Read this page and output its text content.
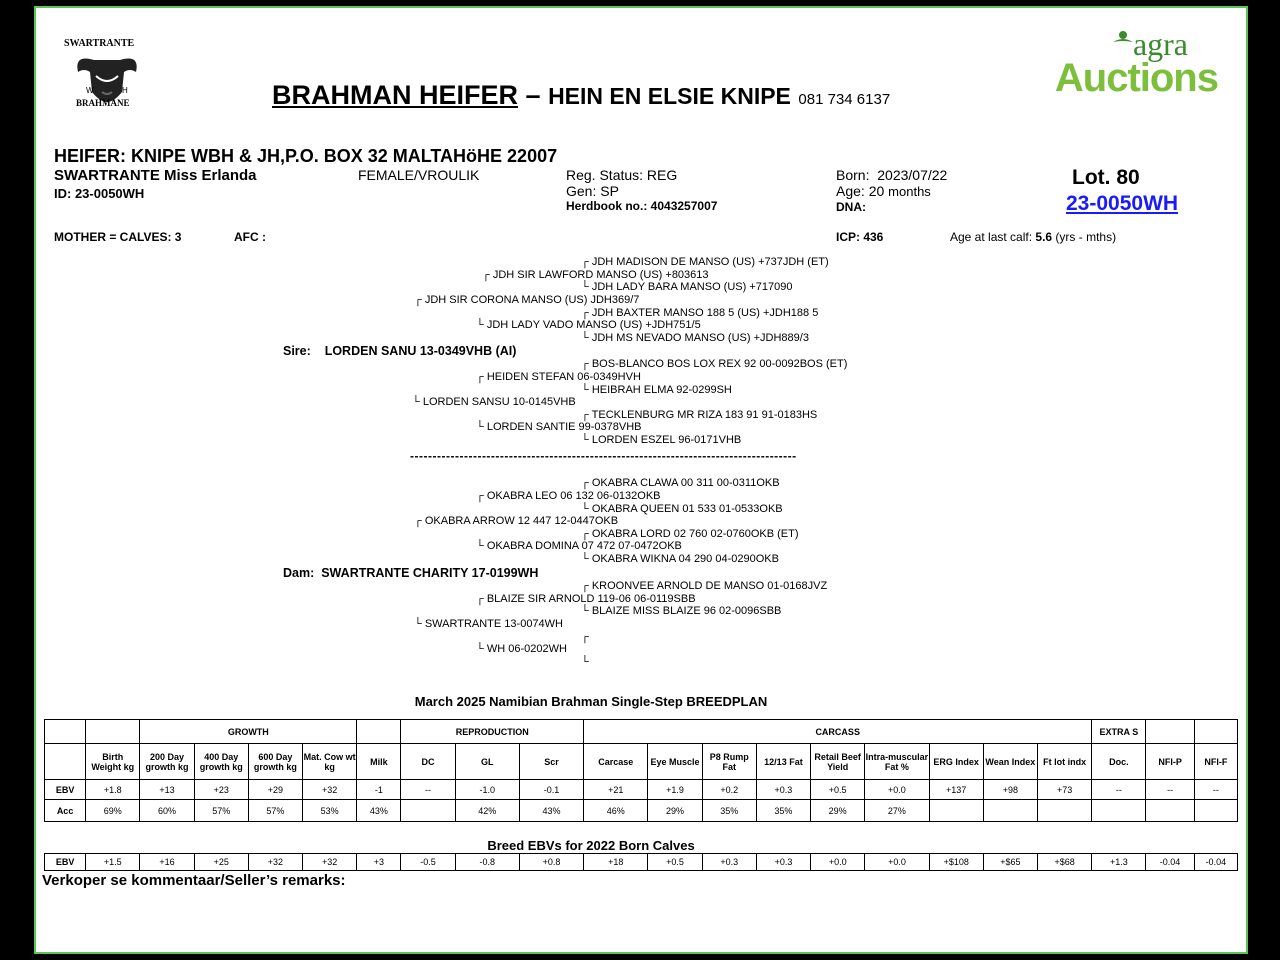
SWARTRANTE
W	H
BRAHMANE
agra
Auctions
BRAHMAN HEIFER – HEIN EN ELSIE KNIPE 081 734 6137
HEIFER: KNIPE WBH & JH,P.O. BOX 32 MALTAHöHE 22007
SWARTRANTE Miss Erlanda
ID: 23-0050WH
FEMALE/VROULIK	Reg. Status: REG
Gen: SP
Herdbook no.: 4043257007
Born: 2023/07/22
Age: 20 months
DNA:
Lot. 80
23-0050WH
MOTHER = CALVES: 3	AFC :	ICP: 436	Age at last calf: 5.6 (yrs - mths)
┌ JDH MADISON DE MANSO (US) +737JDH (ET)
┌ JDH SIR LAWFORD MANSO (US) +803613
└ JDH LADY BARA MANSO (US) +717090
┌ JDH SIR CORONA MANSO (US) JDH369/7
┌ JDH BAXTER MANSO 188 5 (US) +JDH188 5
└ JDH LADY VADO MANSO (US) +JDH751/5
└ JDH MS NEVADO MANSO (US) +JDH889/3
Sire: LORDEN SANU 13-0349VHB (AI)
┌ BOS-BLANCO BOS LOX REX 92 00-0092BOS (ET)
┌ HEIDEN STEFAN 06-0349HVH
└ HEIBRAH ELMA 92-0299SH
└ LORDEN SANSU 10-0145VHB
┌ TECKLENBURG MR RIZA 183 91 91-0183HS
└ LORDEN SANTIE 99-0378VHB
└ LORDEN ESZEL 96-0171VHB
--------------------------------------------------------------------------------------
┌ OKABRA CLAWA 00 311 00-0311OKB
┌ OKABRA LEO 06 132 06-0132OKB
└ OKABRA QUEEN 01 533 01-0533OKB
┌ OKABRA ARROW 12 447 12-0447OKB
┌ OKABRA LORD 02 760 02-0760OKB (ET)
└ OKABRA DOMINA 07 472 07-0472OKB
└ OKABRA WIKNA 04 290 04-0290OKB
Dam: SWARTRANTE CHARITY 17-0199WH
┌ KROONVEE ARNOLD DE MANSO 01-0168JVZ
┌ BLAIZE SIR ARNOLD 119-06 06-0119SBB
└ BLAIZE MISS BLAIZE 96 02-0096SBB
└ SWARTRANTE 13-0074WH
┌
└ WH 06-0202WH
└
March 2025 Namibian Brahman Single-Step BREEDPLAN
		GROWTH					REPRODUCTION			CARCASS									EXTRA S		
	Birth Weight kg	200 Day growth kg	400 Day growth kg	600 Day growth kg	Mat. Cow wt kg	Milk	DC	GL	Scr	Carcase	Eye Muscle	P8 Rump Fat	12/13 Fat	Retail Beef Yield	Intra-muscular Fat %	ERG Index	Wean Index	Ft lot indx	Doc.	NFI-P	NFI-F
EBV	+1.8	+13	+23	+29	+32	-1	--	-1.0	-0.1	+21	+1.9	+0.2	+0.3	+0.5	+0.0	+137	+98	+73	--	--	--
Acc	69%	60%	57%	57%	53%	43%		42%	43%	46%	29%	35%	35%	29%	27%						
Breed EBVs for 2022 Born Calves
EBV	+1.5	+16	+25	+32	+32	+3	-0.5	-0.8	+0.8	+18	+0.5	+0.3	+0.3	+0.0	+0.0	+$108	+$65	+$68	+1.3	-0.04	-0.04
Verkoper se kommentaar/Seller’s remarks:
